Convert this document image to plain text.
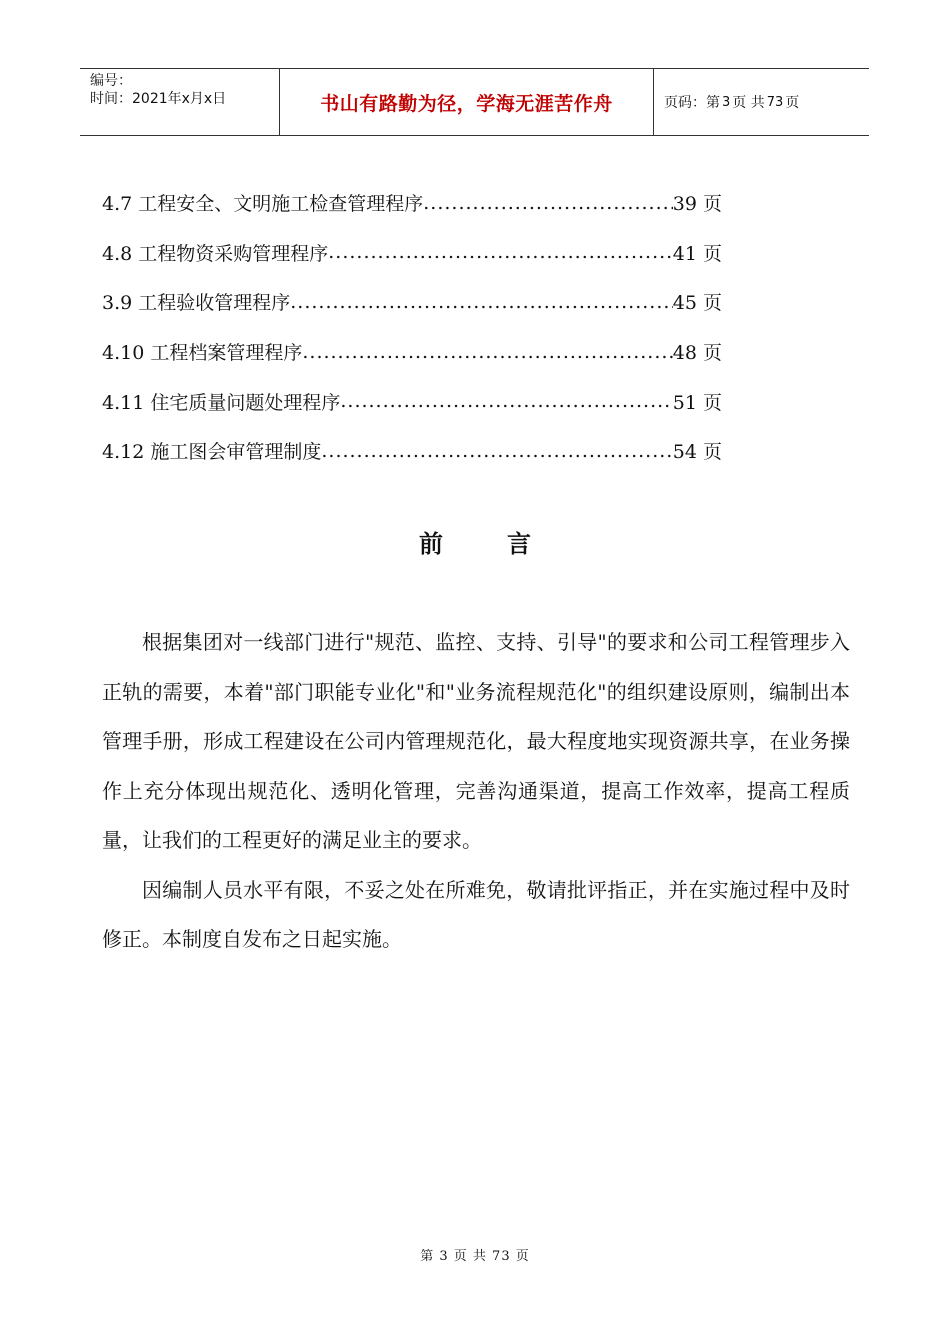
编号：
时间：2021年x月x日	书山有路勤为径，学海无涯苦作舟	页码：第 3 页 共 73 页
4.7 工程安全、文明施工检查管理程序 .....	39 页
4.8 工程物资采购管理程序 .....	41 页
3.9 工程验收管理程序 .....	45 页
4.10 工程档案管理程序 .....	48 页
4.11 住宅质量问题处理程序 .....	51 页
4.12 施工图会审管理制度 .....	54 页
前言

根据集团对一线部门进行"规范、监控、支持、引导"的要求和公司工程管理步入正轨的需要，本着"部门职能专业化"和"业务流程规范化"的组织建设原则，编制出本管理手册，形成工程建设在公司内管理规范化，最大程度地实现资源共享，在业务操作上充分体现出规范化、透明化管理，完善沟通渠道，提高工作效率，提高工程质量，让我们的工程更好的满足业主的要求。

因编制人员水平有限，不妥之处在所难免，敬请批评指正，并在实施过程中及时修正。本制度自发布之日起实施。

第 3 页 共 73 页
